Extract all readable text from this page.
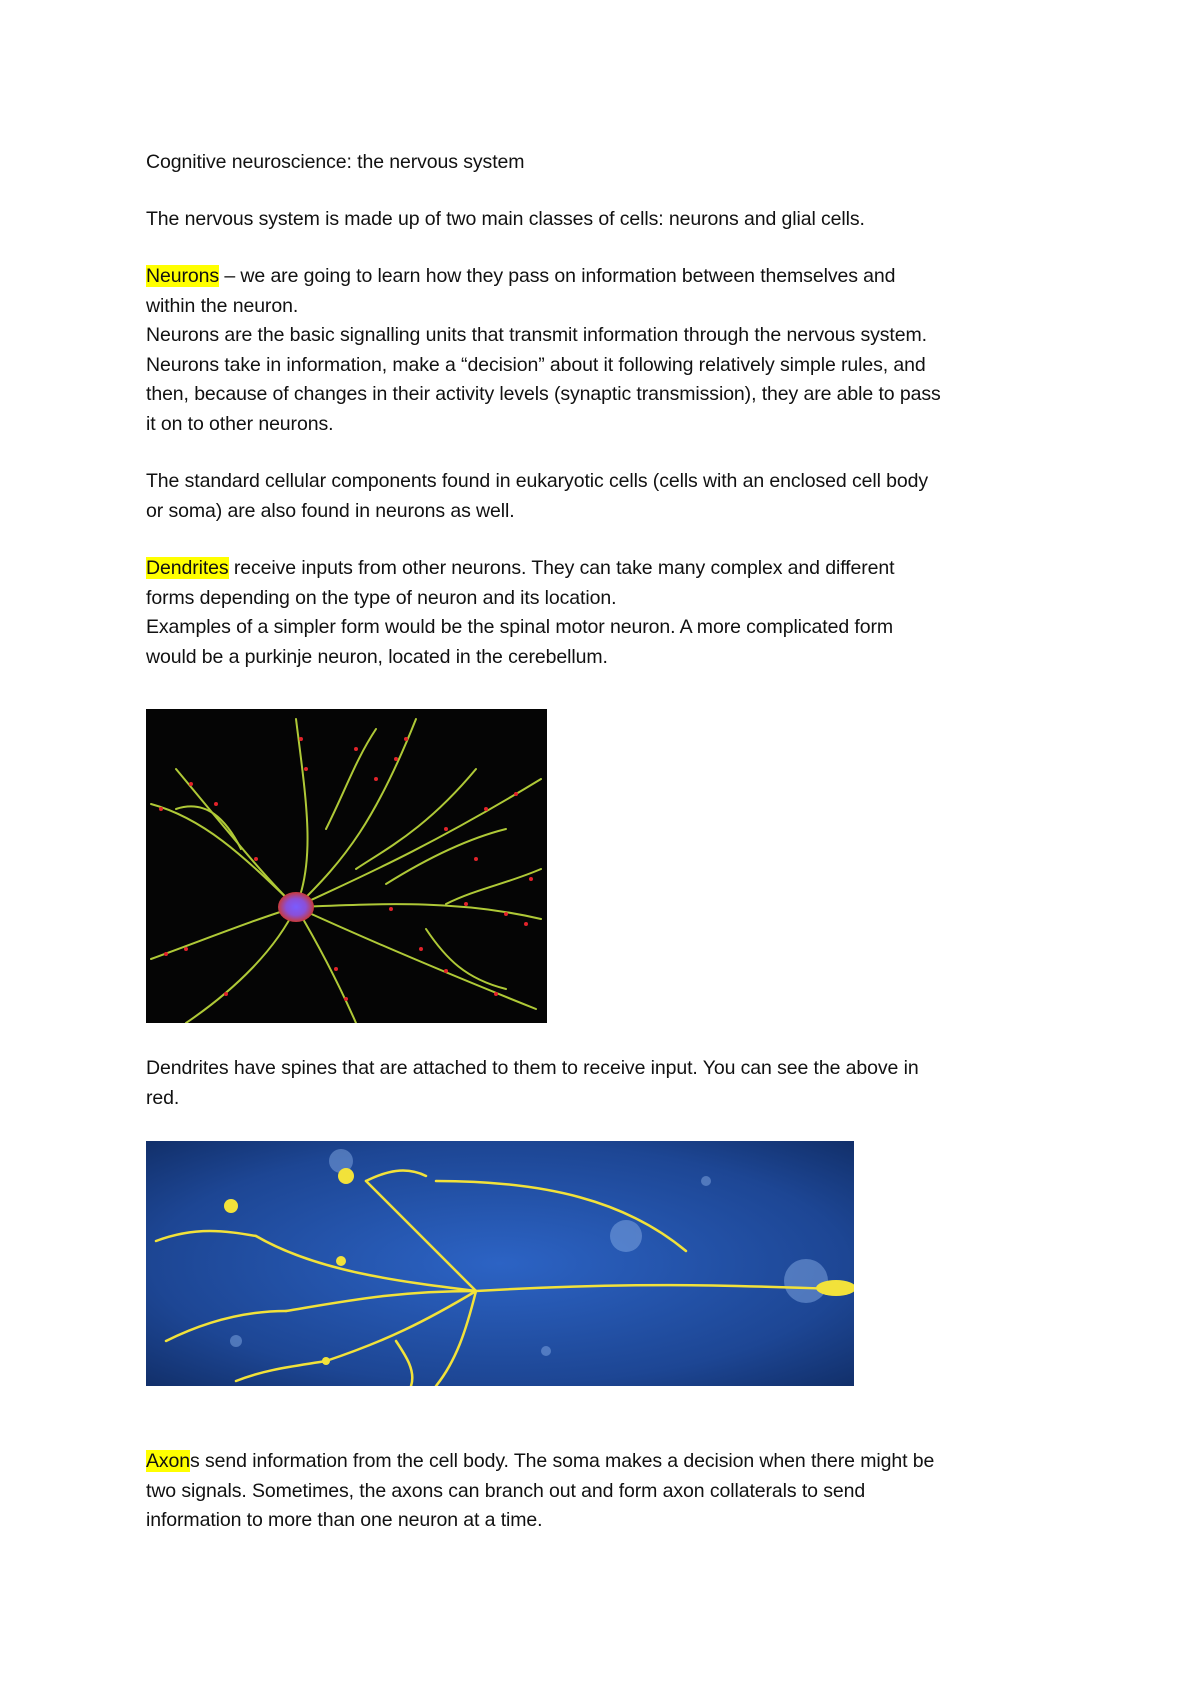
Cognitive neuroscience: the nervous system

The nervous system is made up of two main classes of cells: neurons and glial cells.

Neurons – we are going to learn how they pass on information between themselves and

within the neuron.

Neurons are the basic signalling units that transmit information through the nervous system.

Neurons take in information, make a “decision” about it following relatively simple rules, and

then, because of changes in their activity levels (synaptic transmission), they are able to pass

it on to other neurons.

The standard cellular components found in eukaryotic cells (cells with an enclosed cell body

or soma) are also found in neurons as well.

Dendrites receive inputs from other neurons. They can take many complex and different

forms depending on the type of neuron and its location.

Examples of a simpler form would be the spinal motor neuron. A more complicated form

would be a purkinje neuron, located in the cerebellum.

Dendrites have spines that are attached to them to receive input. You can see the above in

red.

Axons send information from the cell body. The soma makes a decision when there might be

two signals. Sometimes, the axons can branch out and form axon collaterals to send

information to more than one neuron at a time.
